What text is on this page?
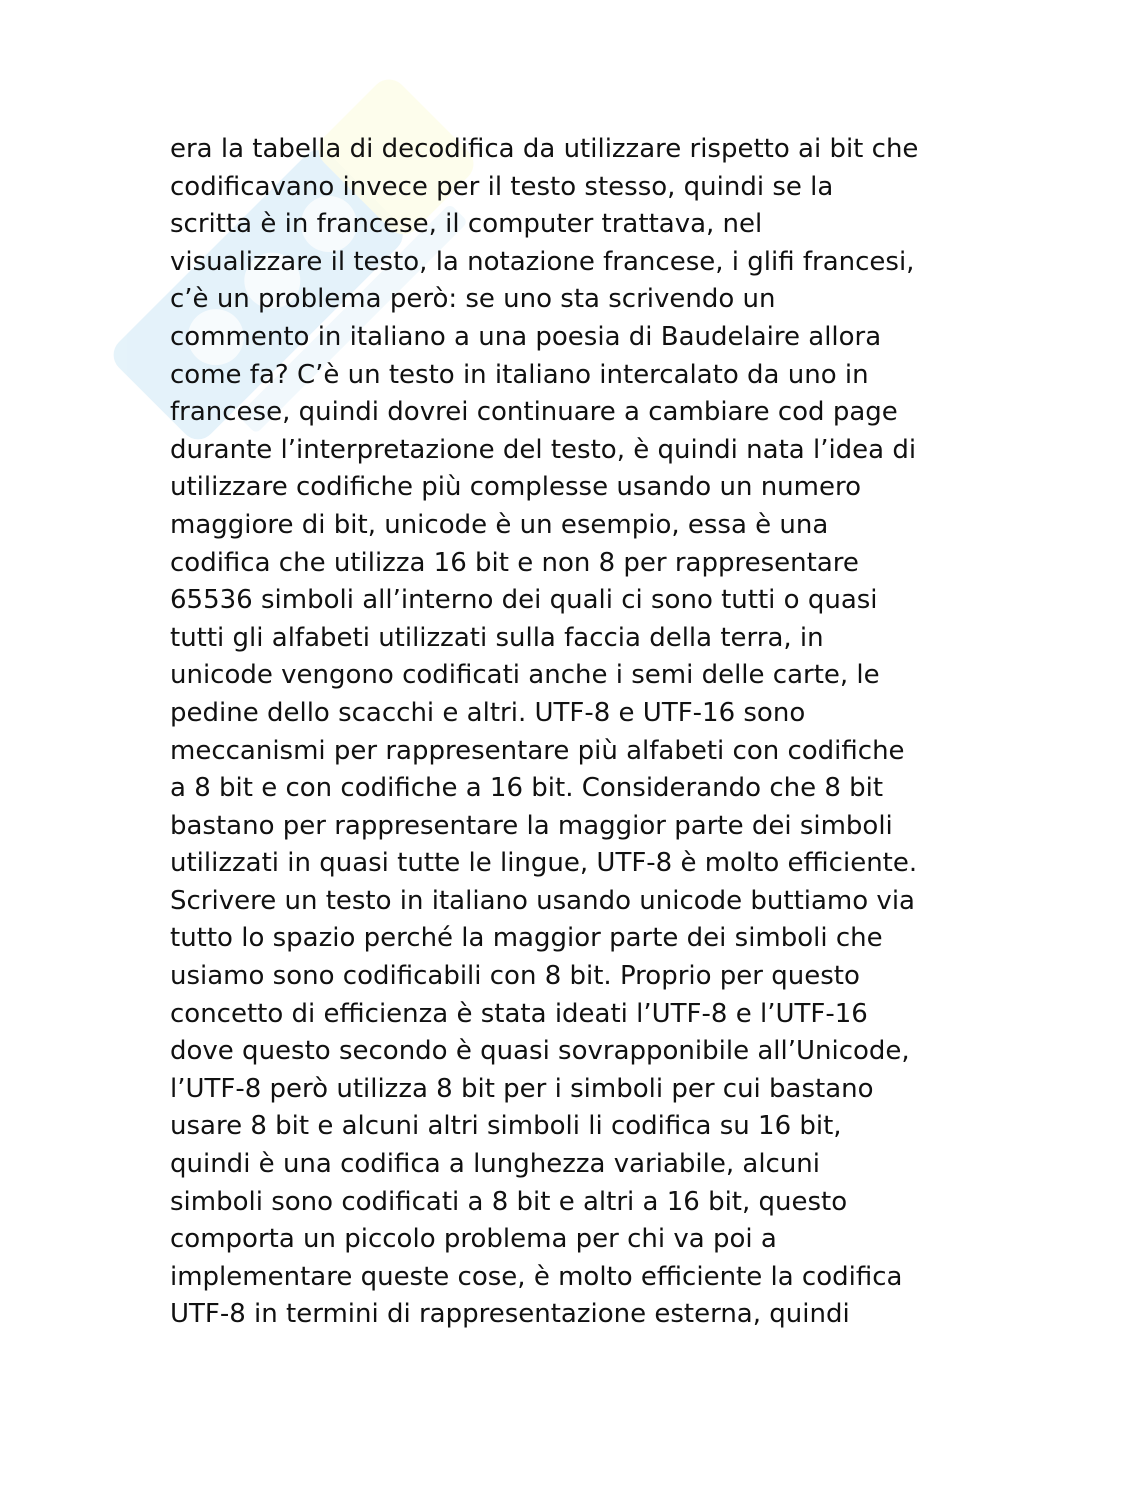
era la tabella di decodifica da utilizzare rispetto ai bit che
codificavano invece per il testo stesso, quindi se la
scritta è in francese, il computer trattava, nel
visualizzare il testo, la notazione francese, i glifi francesi,
c’è un problema però: se uno sta scrivendo un
commento in italiano a una poesia di Baudelaire allora
come fa? C’è un testo in italiano intercalato da uno in
francese, quindi dovrei continuare a cambiare cod page
durante l’interpretazione del testo, è quindi nata l’idea di
utilizzare codifiche più complesse usando un numero
maggiore di bit, unicode è un esempio, essa è una
codifica che utilizza 16 bit e non 8 per rappresentare
65536 simboli all’interno dei quali ci sono tutti o quasi
tutti gli alfabeti utilizzati sulla faccia della terra, in
unicode vengono codificati anche i semi delle carte, le
pedine dello scacchi e altri. UTF-8 e UTF-16 sono
meccanismi per rappresentare più alfabeti con codifiche
a 8 bit e con codifiche a 16 bit. Considerando che 8 bit
bastano per rappresentare la maggior parte dei simboli
utilizzati in quasi tutte le lingue, UTF-8 è molto efficiente.
Scrivere un testo in italiano usando unicode buttiamo via
tutto lo spazio perché la maggior parte dei simboli che
usiamo sono codificabili con 8 bit. Proprio per questo
concetto di efficienza è stata ideati l’UTF-8 e l’UTF-16
dove questo secondo è quasi sovrapponibile all’Unicode,
l’UTF-8 però utilizza 8 bit per i simboli per cui bastano
usare 8 bit e alcuni altri simboli li codifica su 16 bit,
quindi è una codifica a lunghezza variabile, alcuni
simboli sono codificati a 8 bit e altri a 16 bit, questo
comporta un piccolo problema per chi va poi a
implementare queste cose, è molto efficiente la codifica
UTF-8 in termini di rappresentazione esterna, quindi
